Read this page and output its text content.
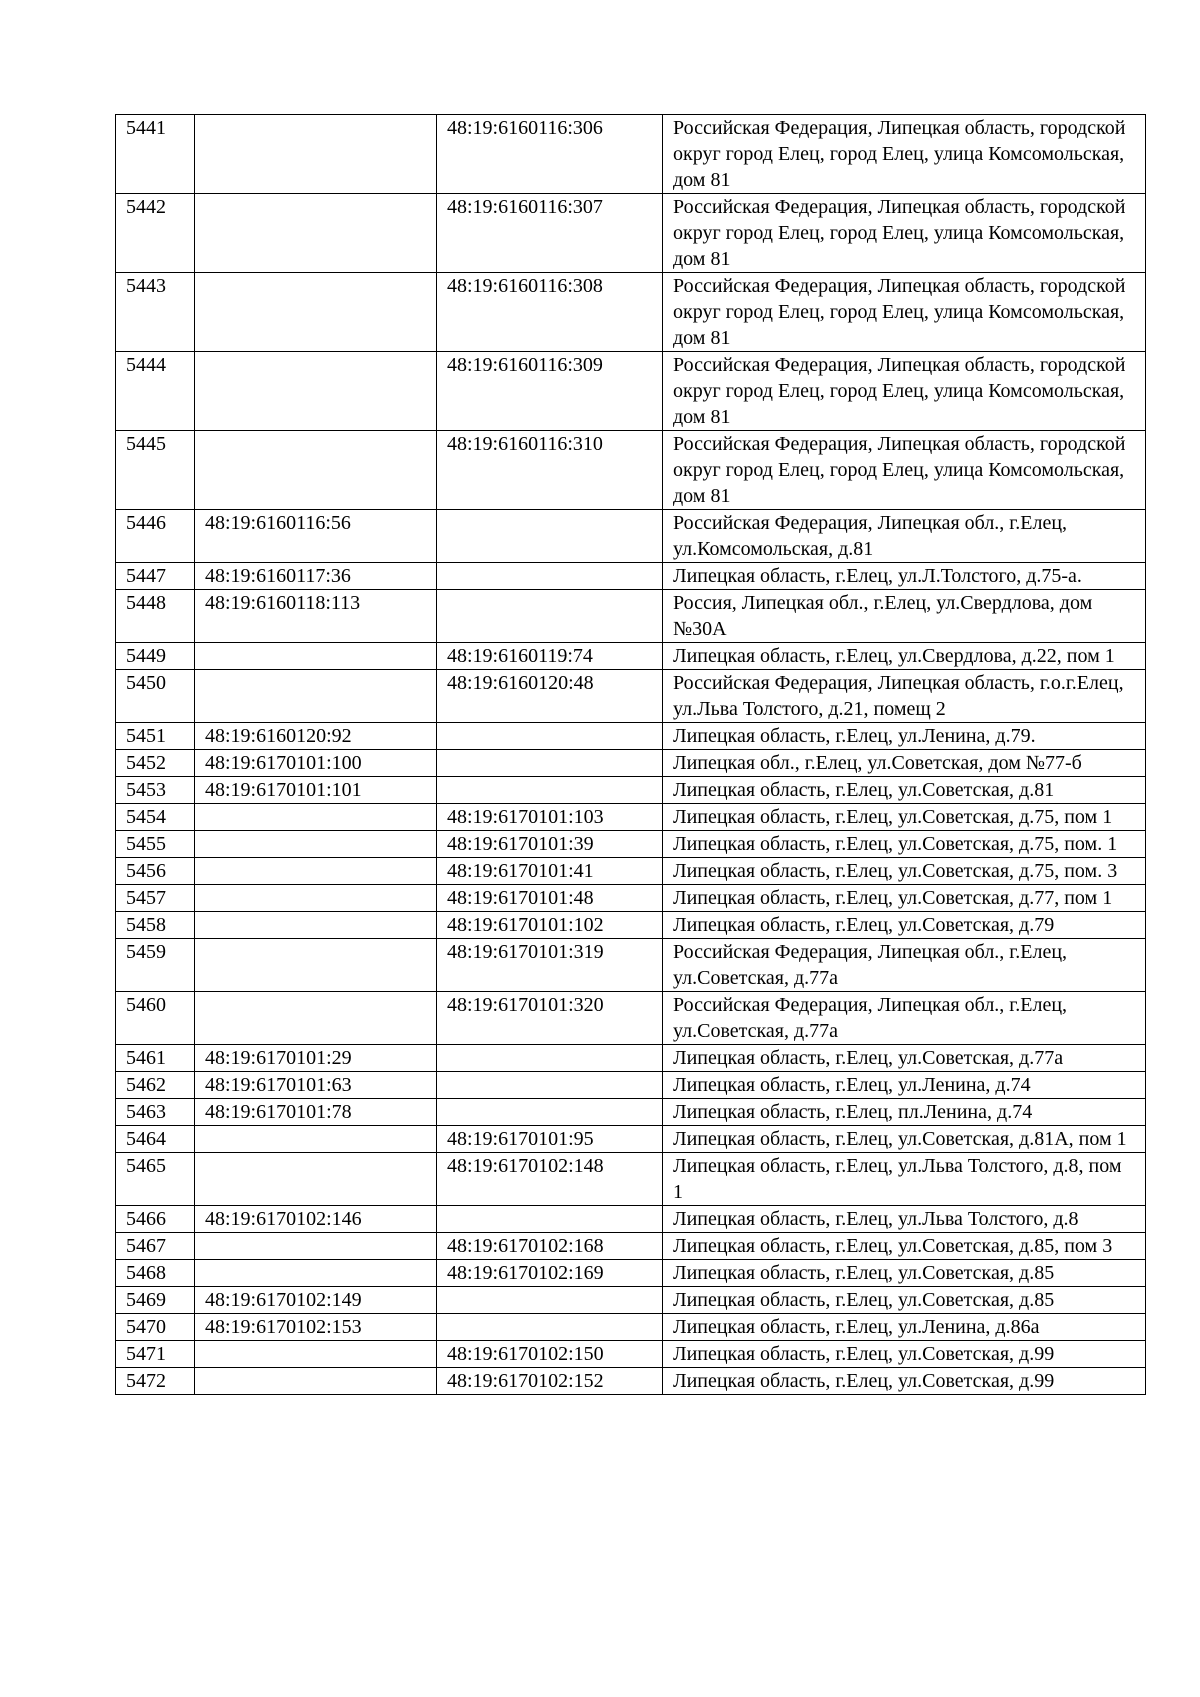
5441		48:19:6160116:306	Российская Федерация, Липецкая область, городской округ город Елец, город Елец, улица Комсомольская, дом 81
5442		48:19:6160116:307	Российская Федерация, Липецкая область, городской округ город Елец, город Елец, улица Комсомольская, дом 81
5443		48:19:6160116:308	Российская Федерация, Липецкая область, городской округ город Елец, город Елец, улица Комсомольская, дом 81
5444		48:19:6160116:309	Российская Федерация, Липецкая область, городской округ город Елец, город Елец, улица Комсомольская, дом 81
5445		48:19:6160116:310	Российская Федерация, Липецкая область, городской округ город Елец, город Елец, улица Комсомольская, дом 81
5446	48:19:6160116:56		Российская Федерация, Липецкая обл., г.Елец, ул.Комсомольская, д.81
5447	48:19:6160117:36		Липецкая область, г.Елец, ул.Л.Толстого, д.75-а.
5448	48:19:6160118:113		Россия, Липецкая обл., г.Елец, ул.Свердлова, дом №30А
5449		48:19:6160119:74	Липецкая область, г.Елец, ул.Свердлова, д.22, пом 1
5450		48:19:6160120:48	Российская Федерация, Липецкая область, г.о.г.Елец, ул.Льва Толстого, д.21, помещ 2
5451	48:19:6160120:92		Липецкая область, г.Елец, ул.Ленина, д.79.
5452	48:19:6170101:100		Липецкая обл., г.Елец, ул.Советская, дом №77-б
5453	48:19:6170101:101		Липецкая область, г.Елец, ул.Советская, д.81
5454		48:19:6170101:103	Липецкая область, г.Елец, ул.Советская, д.75, пом 1
5455		48:19:6170101:39	Липецкая область, г.Елец, ул.Советская, д.75, пом. 1
5456		48:19:6170101:41	Липецкая область, г.Елец, ул.Советская, д.75, пом. 3
5457		48:19:6170101:48	Липецкая область, г.Елец, ул.Советская, д.77, пом 1
5458		48:19:6170101:102	Липецкая область, г.Елец, ул.Советская, д.79
5459		48:19:6170101:319	Российская Федерация, Липецкая обл., г.Елец, ул.Советская, д.77а
5460		48:19:6170101:320	Российская Федерация, Липецкая обл., г.Елец, ул.Советская, д.77а
5461	48:19:6170101:29		Липецкая область, г.Елец, ул.Советская, д.77а
5462	48:19:6170101:63		Липецкая область, г.Елец, ул.Ленина, д.74
5463	48:19:6170101:78		Липецкая область, г.Елец, пл.Ленина, д.74
5464		48:19:6170101:95	Липецкая область, г.Елец, ул.Советская, д.81А, пом 1
5465		48:19:6170102:148	Липецкая область, г.Елец, ул.Льва Толстого, д.8, пом 1
5466	48:19:6170102:146		Липецкая область, г.Елец, ул.Льва Толстого, д.8
5467		48:19:6170102:168	Липецкая область, г.Елец, ул.Советская, д.85, пом 3
5468		48:19:6170102:169	Липецкая область, г.Елец, ул.Советская, д.85
5469	48:19:6170102:149		Липецкая область, г.Елец, ул.Советская, д.85
5470	48:19:6170102:153		Липецкая область, г.Елец, ул.Ленина, д.86а
5471		48:19:6170102:150	Липецкая область, г.Елец, ул.Советская, д.99
5472		48:19:6170102:152	Липецкая область, г.Елец, ул.Советская, д.99
